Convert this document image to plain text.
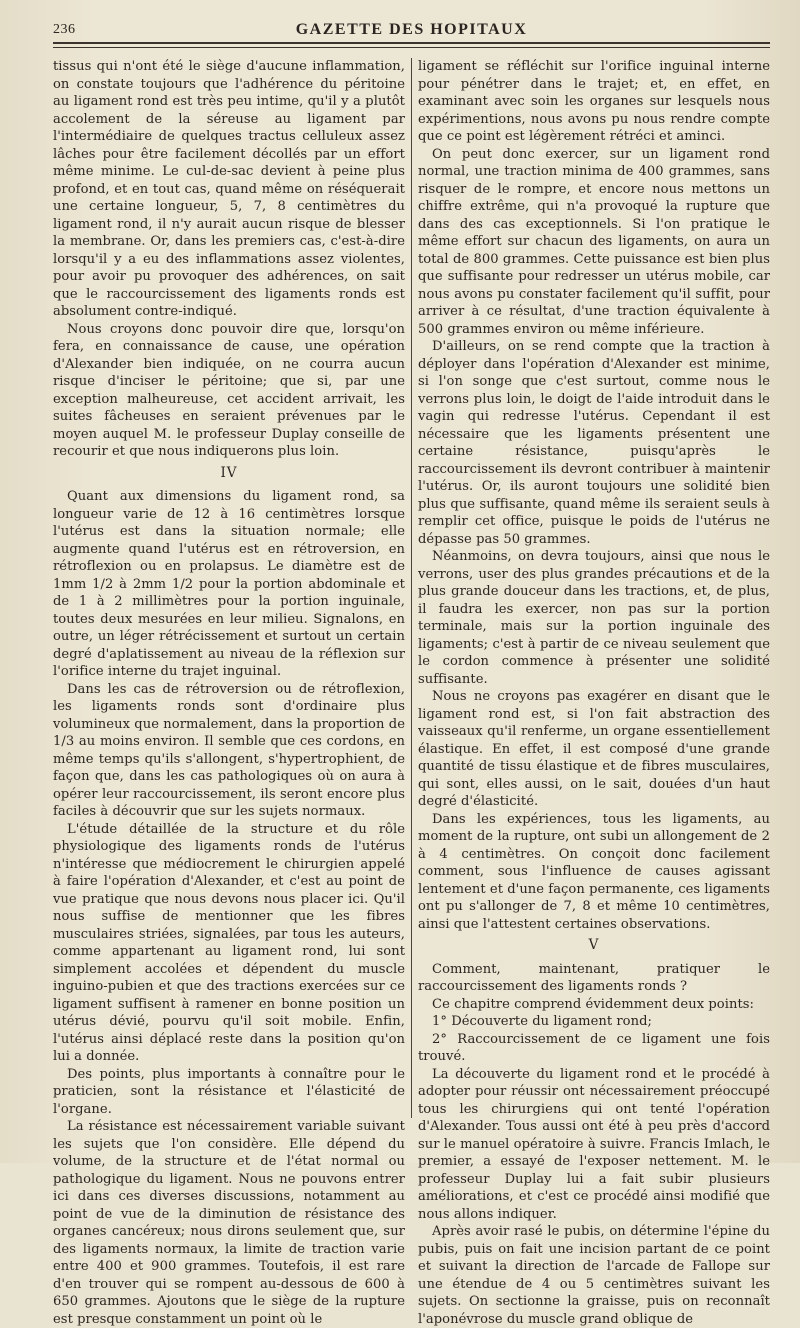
236	GAZETTE DES HOPITAUX

tissus qui n'ont été le siège d'aucune inflammation, on constate toujours que l'adhérence du péritoine au ligament rond est très peu intime, qu'il y a plutôt accolement de la séreuse au ligament par l'intermédiaire de quelques tractus celluleux assez lâches pour être facilement décollés par un effort même minime. Le cul-de-sac devient à peine plus profond, et en tout cas, quand même on réséquerait une certaine longueur, 5, 7, 8 centimètres du ligament rond, il n'y aurait aucun risque de blesser la membrane. Or, dans les premiers cas, c'est-à-dire lorsqu'il y a eu des inflammations assez violentes, pour avoir pu provoquer des adhérences, on sait que le raccourcissement des ligaments ronds est absolument contre-indiqué.

Nous croyons donc pouvoir dire que, lorsqu'on fera, en connaissance de cause, une opération d'Alexander bien indiquée, on ne courra aucun risque d'inciser le péritoine; que si, par une exception malheureuse, cet accident arrivait, les suites fâcheuses en seraient prévenues par le moyen auquel M. le professeur Duplay conseille de recourir et que nous indiquerons plus loin.

IV

Quant aux dimensions du ligament rond, sa longueur varie de 12 à 16 centimètres lorsque l'utérus est dans la situation normale; elle augmente quand l'utérus est en rétroversion, en rétroflexion ou en prolapsus. Le diamètre est de 1mm 1/2 à 2mm 1/2 pour la portion abdominale et de 1 à 2 millimètres pour la portion inguinale, toutes deux mesurées en leur milieu. Signalons, en outre, un léger rétrécissement et surtout un certain degré d'aplatissement au niveau de la réflexion sur l'orifice interne du trajet inguinal.

Dans les cas de rétroversion ou de rétroflexion, les ligaments ronds sont d'ordinaire plus volumineux que normalement, dans la proportion de 1/3 au moins environ. Il semble que ces cordons, en même temps qu'ils s'allongent, s'hypertrophient, de façon que, dans les cas pathologiques où on aura à opérer leur raccourcissement, ils seront encore plus faciles à découvrir que sur les sujets normaux.

L'étude détaillée de la structure et du rôle physiologique des ligaments ronds de l'utérus n'intéresse que médiocrement le chirurgien appelé à faire l'opération d'Alexander, et c'est au point de vue pratique que nous devons nous placer ici. Qu'il nous suffise de mentionner que les fibres musculaires striées, signalées, par tous les auteurs, comme appartenant au ligament rond, lui sont simplement accolées et dépendent du muscle inguino-pubien et que des tractions exercées sur ce ligament suffisent à ramener en bonne position un utérus dévié, pourvu qu'il soit mobile. Enfin, l'utérus ainsi déplacé reste dans la position qu'on lui a donnée.

Des points, plus importants à connaître pour le praticien, sont la résistance et l'élasticité de l'organe.

La résistance est nécessairement variable suivant les sujets que l'on considère. Elle dépend du volume, de la structure et de l'état normal ou pathologique du ligament. Nous ne pouvons entrer ici dans ces diverses discussions, notamment au point de vue de la diminution de résistance des organes cancéreux; nous dirons seulement que, sur des ligaments normaux, la limite de traction varie entre 400 et 900 grammes. Toutefois, il est rare d'en trouver qui se rompent au-dessous de 600 à 650 grammes. Ajoutons que le siège de la rupture est presque constamment un point où le

ligament se réfléchit sur l'orifice inguinal interne pour pénétrer dans le trajet; et, en effet, en examinant avec soin les organes sur lesquels nous expérimentions, nous avons pu nous rendre compte que ce point est légèrement rétréci et aminci.

On peut donc exercer, sur un ligament rond normal, une traction minima de 400 grammes, sans risquer de le rompre, et encore nous mettons un chiffre extrême, qui n'a provoqué la rupture que dans des cas exceptionnels. Si l'on pratique le même effort sur chacun des ligaments, on aura un total de 800 grammes. Cette puissance est bien plus que suffisante pour redresser un utérus mobile, car nous avons pu constater facilement qu'il suffit, pour arriver à ce résultat, d'une traction équivalente à 500 grammes environ ou même inférieure.

D'ailleurs, on se rend compte que la traction à déployer dans l'opération d'Alexander est minime, si l'on songe que c'est surtout, comme nous le verrons plus loin, le doigt de l'aide introduit dans le vagin qui redresse l'utérus. Cependant il est nécessaire que les ligaments présentent une certaine résistance, puisqu'après le raccourcissement ils devront contribuer à maintenir l'utérus. Or, ils auront toujours une solidité bien plus que suffisante, quand même ils seraient seuls à remplir cet office, puisque le poids de l'utérus ne dépasse pas 50 grammes.

Néanmoins, on devra toujours, ainsi que nous le verrons, user des plus grandes précautions et de la plus grande douceur dans les tractions, et, de plus, il faudra les exercer, non pas sur la portion terminale, mais sur la portion inguinale des ligaments; c'est à partir de ce niveau seulement que le cordon commence à présenter une solidité suffisante.

Nous ne croyons pas exagérer en disant que le ligament rond est, si l'on fait abstraction des vaisseaux qu'il renferme, un organe essentiellement élastique. En effet, il est composé d'une grande quantité de tissu élastique et de fibres musculaires, qui sont, elles aussi, on le sait, douées d'un haut degré d'élasticité.

Dans les expériences, tous les ligaments, au moment de la rupture, ont subi un allongement de 2 à 4 centimètres. On conçoit donc facilement comment, sous l'influence de causes agissant lentement et d'une façon permanente, ces ligaments ont pu s'allonger de 7, 8 et même 10 centimètres, ainsi que l'attestent certaines observations.

V

Comment, maintenant, pratiquer le raccourcissement des ligaments ronds ?

Ce chapitre comprend évidemment deux points:

1° Découverte du ligament rond;

2° Raccourcissement de ce ligament une fois trouvé.

La découverte du ligament rond et le procédé à adopter pour réussir ont nécessairement préoccupé tous les chirurgiens qui ont tenté l'opération d'Alexander. Tous aussi ont été à peu près d'accord sur le manuel opératoire à suivre. Francis Imlach, le premier, a essayé de l'exposer nettement. M. le professeur Duplay lui a fait subir plusieurs améliorations, et c'est ce procédé ainsi modifié que nous allons indiquer.

Après avoir rasé le pubis, on détermine l'épine du pubis, puis on fait une incision partant de ce point et suivant la direction de l'arcade de Fallope sur une étendue de 4 ou 5 centimètres suivant les sujets. On sectionne la graisse, puis on reconnaît l'aponévrose du muscle grand oblique de
